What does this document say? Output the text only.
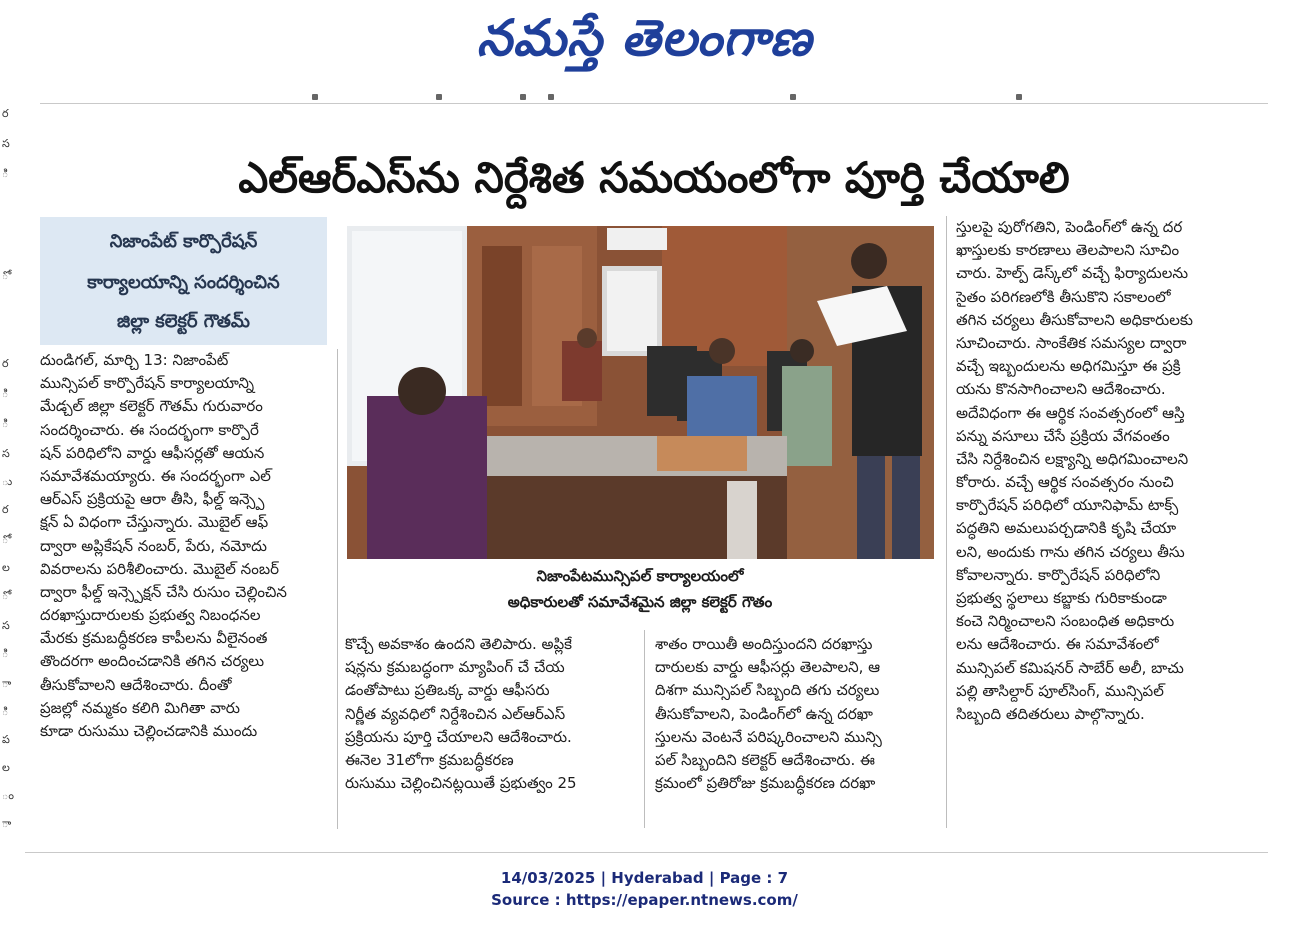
నమస్తే తెలంగాణ
ర
స
ి
ో
ర
ి
ి
స
ు
ర
ో
ల
ో
స
ి
ా
ి
ప
ల
ం
ా
ఎల్‌ఆర్‌ఎస్‌ను నిర్దేశిత సమయంలోగా పూర్తి చేయాలి
నిజాంపేట్ కార్పొరేషన్
కార్యాలయాన్ని సందర్శించిన
జిల్లా కలెక్టర్ గౌతమ్
దుండిగల్, మార్చి 13: నిజాంపేట్
మున్సిపల్ కార్పొరేషన్ కార్యాలయాన్ని
మేడ్చల్ జిల్లా కలెక్టర్ గౌతమ్ గురువారం
సందర్శించారు. ఈ సందర్భంగా కార్పొరే
షన్ పరిధిలోని వార్డు ఆఫీసర్లతో ఆయన
సమావేశమయ్యారు. ఈ సందర్భంగా ఎల్
ఆర్ఎస్ ప్రక్రియపై ఆరా తీసి, ఫీల్డ్ ఇన్స్పె
క్షన్ ఏ విధంగా చేస్తున్నారు. మొబైల్ ఆఫ్
ద్వారా అప్లికేషన్ నంబర్, పేరు, నమోదు
వివరాలను పరిశీలించారు. మొబైల్ నంబర్
ద్వారా ఫీల్డ్ ఇన్స్పెక్షన్ చేసి రుసుం చెల్లించిన
దరఖాస్తుదారులకు ప్రభుత్వ నిబంధనల
మేరకు క్రమబద్ధీకరణ కాపీలను వీలైనంత
తొందరగా అందించడానికి తగిన చర్యలు
తీసుకోవాలని ఆదేశించారు. దీంతో
ప్రజల్లో నమ్మకం కలిగి మిగితా వారు
కూడా రుసుము చెల్లించడానికి ముందు
నిజాంపేటమున్సిపల్ కార్యాలయంలో
అధికారులతో సమావేశమైన జిల్లా కలెక్టర్ గౌతం
కొచ్చే అవకాశం ఉందని తెలిపారు. అప్లికే
షన్లను క్రమబద్ధంగా మ్యాపింగ్ చే చేయ
డంతోపాటు ప్రతిఒక్క వార్డు ఆఫీసరు
నిర్ణీత వ్యవధిలో నిర్దేశించిన ఎల్ఆర్ఎస్
ప్రక్రియను పూర్తి చేయాలని ఆదేశించారు.
ఈనెల 31లోగా క్రమబద్ధీకరణ
రుసుము చెల్లించినట్లయితే ప్రభుత్వం 25
శాతం రాయితీ అందిస్తుందని దరఖాస్తు
దారులకు వార్డు ఆఫీసర్లు తెలపాలని, ఆ
దిశగా మున్సిపల్ సిబ్బంది తగు చర్యలు
తీసుకోవాలని, పెండింగ్‌లో ఉన్న దరఖా
స్తులను వెంటనే పరిష్కరించాలని మున్సి
పల్ సిబ్బందిని కలెక్టర్ ఆదేశించారు. ఈ
క్రమంలో ప్రతిరోజు క్రమబద్ధీకరణ దరఖా
స్తులపై పురోగతిని, పెండింగ్‌లో ఉన్న దర
ఖాస్తులకు కారణాలు తెలపాలని సూచిం
చారు. హెల్ప్ డెస్క్‌లో వచ్చే ఫిర్యాదులను
సైతం పరిగణలోకి తీసుకొని సకాలంలో
తగిన చర్యలు తీసుకోవాలని అధికారులకు
సూచించారు. సాంకేతిక సమస్యల ద్వారా
వచ్చే ఇబ్బందులను అధిగమిస్తూ ఈ ప్రక్రి
యను కొనసాగించాలని ఆదేశించారు.
అదేవిధంగా ఈ ఆర్థిక సంవత్సరంలో ఆస్తి
పన్ను వసూలు చేసే ప్రక్రియ వేగవంతం
చేసి నిర్దేశించిన లక్ష్యాన్ని అధిగమించాలని
కోరారు. వచ్చే ఆర్థిక సంవత్సరం నుంచి
కార్పొరేషన్ పరిధిలో యూనిఫామ్ టాక్స్
పద్ధతిని అమలుపర్చడానికి కృషి చేయా
లని, అందుకు గాను తగిన చర్యలు తీసు
కోవాలన్నారు. కార్పొరేషన్ పరిధిలోని
ప్రభుత్వ స్థలాలు కబ్జాకు గురికాకుండా
కంచె నిర్మించాలని సంబంధిత అధికారు
లను ఆదేశించారు. ఈ సమావేశంలో
మున్సిపల్ కమిషనర్ సాబేర్ అలీ, బాచు
పల్లి తాసిల్దార్ పూల్‌సింగ్, మున్సిపల్
సిబ్బంది తదితరులు పాల్గొన్నారు.
14/03/2025 | Hyderabad | Page : 7
Source : https://epaper.ntnews.com/
